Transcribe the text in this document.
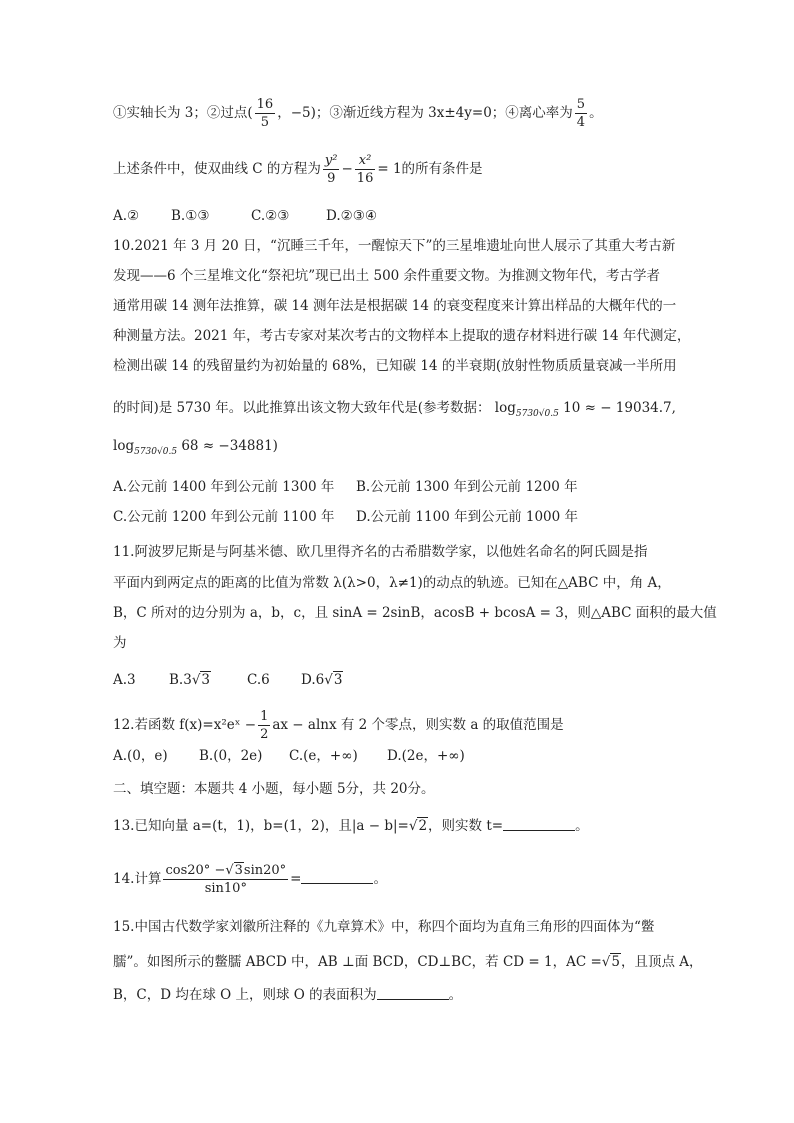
①实轴长为 3；②过点( $\frac{16}{5}$ ，−5)；③渐近线方程为 3x±4y=0；④离心率为 $\frac{5}{4}$ 。
上述条件中，使双曲线 C 的方程为 $\frac{\text{y²}}{9} - \frac{\text{x²}}{16} = 1$的所有条件是
A.② B.①③	C.②③	D.②③④
10.2021 年 3 月 20 日，“沉睡三千年，一醒惊天下”的三星堆遗址向世人展示了其重大考古新
发现——6 个三星堆文化“祭祀坑”现已出土 500 余件重要文物。为推测文物年代，考古学者
通常用碳 14 测年法推算，碳 14 测年法是根据碳 14 的衰变程度来计算出样品的大概年代的一
种测量方法。2021 年，考古专家对某次考古的文物样本上提取的遗存材料进行碳 14 年代测定，
检测出碳 14 的残留量约为初始量的 68%，已知碳 14 的半衰期(放射性物质质量衰减一半所用
的时间)是 5730 年。以此推算出该文物大致年代是(参考数据： $\log_{5730√0.5} 10$ ≈ − 19034.7,
$\log_{5730√0.5} 68 \approx -34881$)
A.公元前 1400 年到公元前 1300 年 B.公元前 1300 年到公元前 1200 年
C.公元前 1200 年到公元前 1100 年 D.公元前 1100 年到公元前 1000 年
11.阿波罗尼斯是与阿基米德、欧几里得齐名的古希腊数学家，以他姓名命名的阿氏圆是指
平面内到两定点的距离的比值为常数 λ(λ>0，λ≠1)的动点的轨迹。已知在△ABC 中，角 A，
B，C 所对的边分别为 a，b，c，且 sinA = 2sinB，acosB + bcosA = 3，则△ABC 面积的最大值
为
A.3 B.3√3	C.6 D.6√3
12.若函数 f(x)=x²eˣ − $\frac{1}{2}$ ax − alnx 有 2 个零点，则实数 a 的取值范围是
A.(0，e) B.(0，2e) C.(e，+∞) D.(2e，+∞)
二、填空题：本题共 4 小题，每小题 5分，共 20分。
13.已知向量 a=(t，1)，b=(1，2)，且|a − b|=√2，则实数 t=	。
14.计算 $\frac{\cos 20^\circ -√3\sin 20^\circ}{\sin 10^\circ}$ =	。
15.中国古代数学家刘徽所注释的《九章算术》中，称四个面均为直角三角形的四面体为“鳖
臑”。如图所示的鳖臑 ABCD 中，AB ⊥面 BCD，CD⊥BC，若 CD = 1，AC =√5，且顶点 A，
B，C，D 均在球 O 上，则球 O 的表面积为	。
